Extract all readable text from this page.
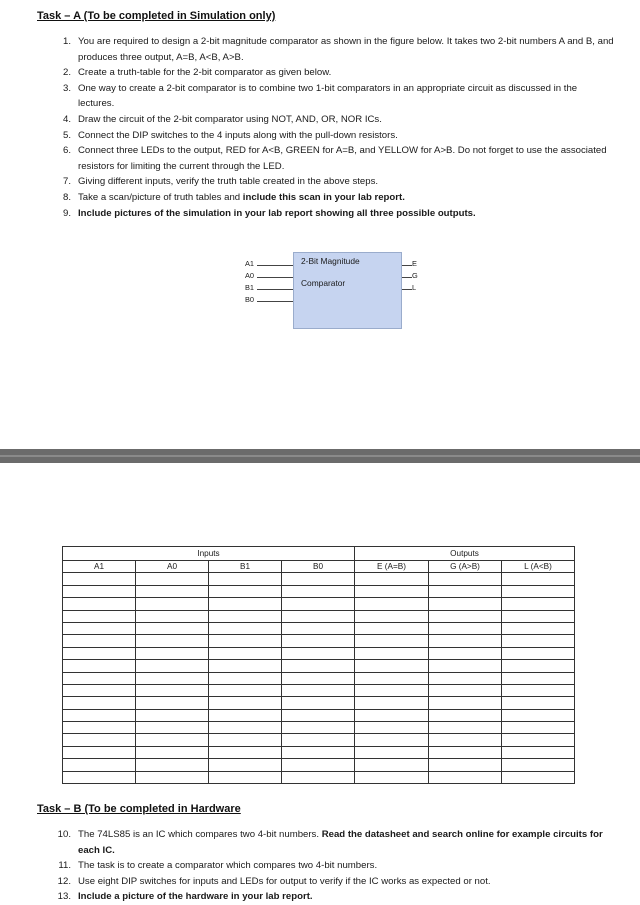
Task – A (To be completed in Simulation only)
1. You are required to design a 2-bit magnitude comparator as shown in the figure below. It takes two 2-bit numbers A and B, and produces three output, A=B, A<B, A>B.
2. Create a truth-table for the 2-bit comparator as given below.
3. One way to create a 2-bit comparator is to combine two 1-bit comparators in an appropriate circuit as discussed in the lectures.
4. Draw the circuit of the 2-bit comparator using NOT, AND, OR, NOR ICs.
5. Connect the DIP switches to the 4 inputs along with the pull-down resistors.
6. Connect three LEDs to the output, RED for A<B, GREEN for A=B, and YELLOW for A>B. Do not forget to use the associated resistors for limiting the current through the LED.
7. Giving different inputs, verify the truth table created in the above steps.
8. Take a scan/picture of truth tables and include this scan in your lab report.
9. Include pictures of the simulation in your lab report showing all three possible outputs.
A1
A0
B1
B0
2-Bit Magnitude
Comparator
E
G
L
Inputs				Outputs		
A1	A0	B1	B0	E (A=B)	G (A>B)	L (A<B)

Task – B (To be completed in Hardware
10. The 74LS85 is an IC which compares two 4-bit numbers. Read the datasheet and search online for example circuits for each IC.
11. The task is to create a comparator which compares two 4-bit numbers.
12. Use eight DIP switches for inputs and LEDs for output to verify if the IC works as expected or not.
13. Include a picture of the hardware in your lab report.
